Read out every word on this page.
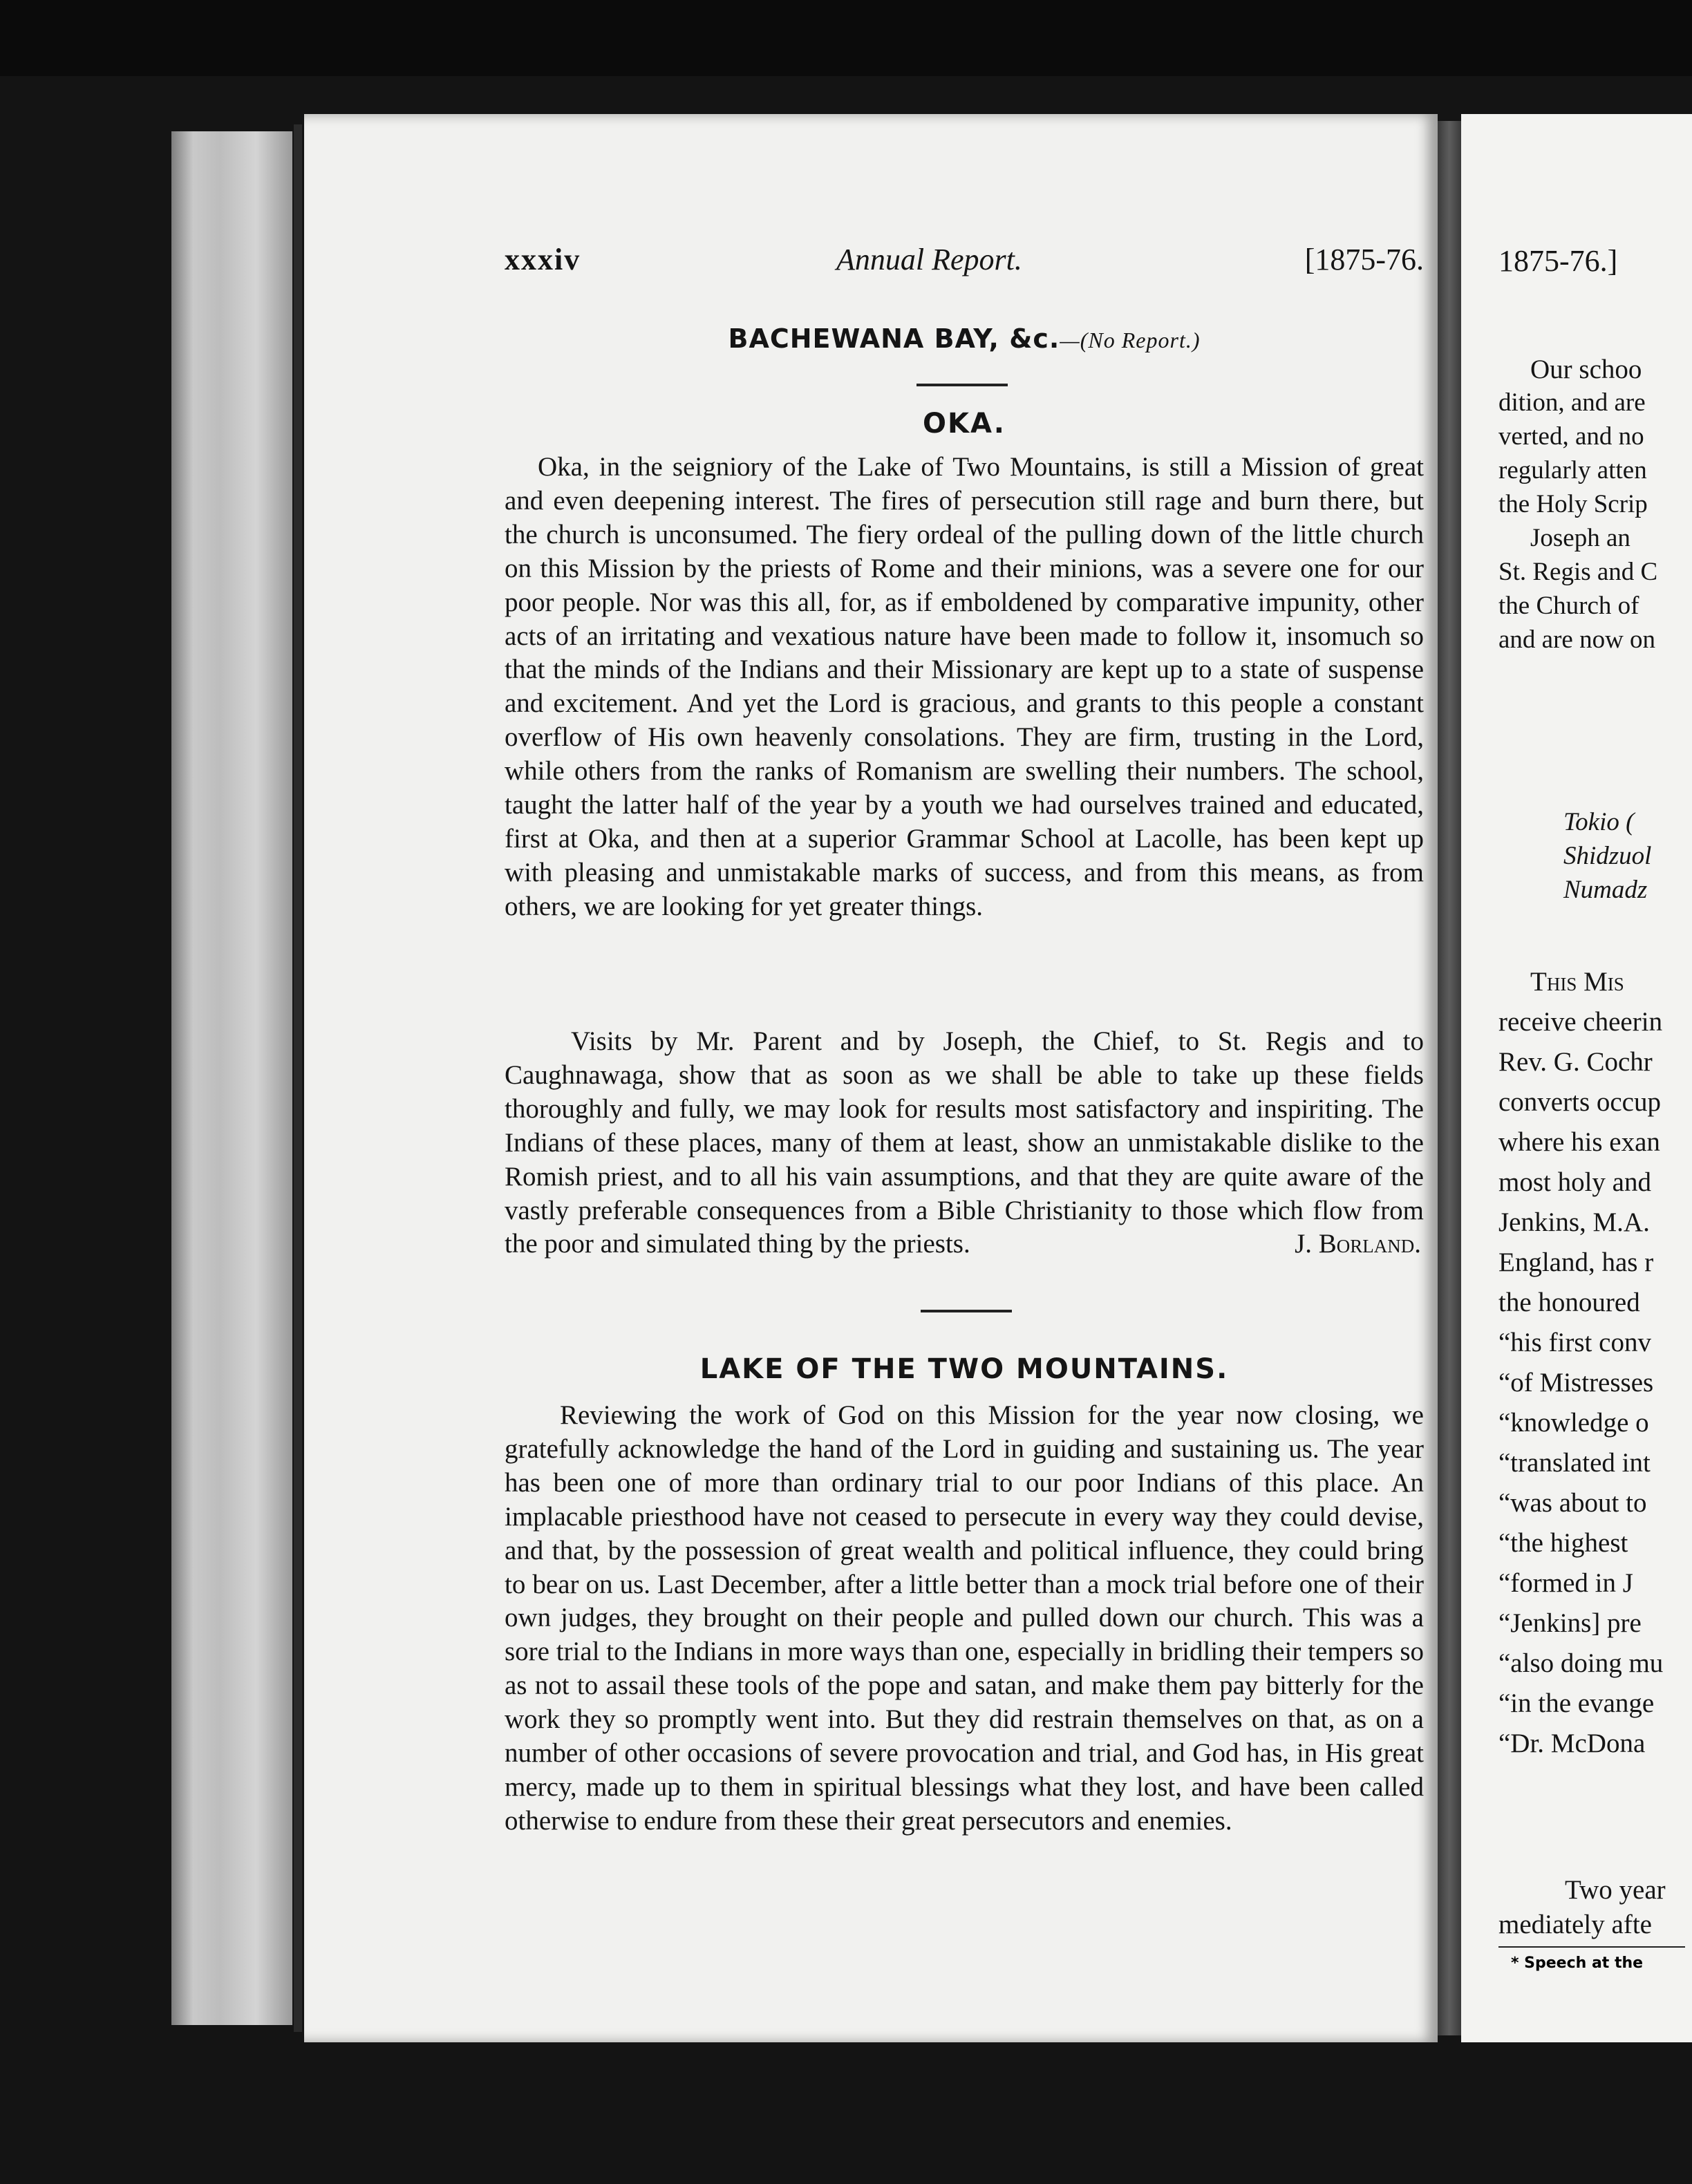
xxxiv	Annual Report.	[1875-76.
BACHEWANA BAY, &c.—(No Report.)
OKA.

Oka, in the seigniory of the Lake of Two Mountains, is still a Mission of great and even deepening interest. The fires of persecution still rage and burn there, but the church is unconsumed. The fiery ordeal of the pulling down of the little church on this Mission by the priests of Rome and their minions, was a severe one for our poor people. Nor was this all, for, as if emboldened by comparative impunity, other acts of an irritating and vexatious nature have been made to follow it, insomuch so that the minds of the Indians and their Missionary are kept up to a state of suspense and excitement. And yet the Lord is gracious, and grants to this people a constant overflow of His own heavenly consolations. They are firm, trusting in the Lord, while others from the ranks of Romanism are swelling their numbers. The school, taught the latter half of the year by a youth we had ourselves trained and educated, first at Oka, and then at a superior Grammar School at Lacolle, has been kept up with pleasing and unmistakable marks of success, and from this means, as from others, we are looking for yet greater things.

Visits by Mr. Parent and by Joseph, the Chief, to St. Regis and to Caughnawaga, show that as soon as we shall be able to take up these fields thoroughly and fully, we may look for results most satisfactory and inspiriting. The Indians of these places, many of them at least, show an unmistakable dislike to the Romish priest, and to all his vain assumptions, and that they are quite aware of the vastly preferable consequences from a Bible Christianity to those which flow from the poor and simulated thing by the priests.	J. Borland.

LAKE OF THE TWO MOUNTAINS.

Reviewing the work of God on this Mission for the year now closing, we gratefully acknowledge the hand of the Lord in guiding and sustaining us. The year has been one of more than ordinary trial to our poor Indians of this place. An implacable priesthood have not ceased to persecute in every way they could devise, and that, by the possession of great wealth and political influence, they could bring to bear on us. Last December, after a little better than a mock trial before one of their own judges, they brought on their people and pulled down our church. This was a sore trial to the Indians in more ways than one, especially in bridling their tempers so as not to assail these tools of the pope and satan, and make them pay bitterly for the work they so promptly went into. But they did restrain themselves on that, as on a number of other occasions of severe provocation and trial, and God has, in His great mercy, made up to them in spiritual blessings what they lost, and have been called otherwise to endure from these their great persecutors and enemies.

1875-76.]
Our schoo
dition, and are
verted, and no
regularly atten
the Holy Scrip
Joseph an
St. Regis and C
the Church of
and are now on
Tokio (
Shidzuol
Numadz
This Mis
receive cheerin
Rev. G. Cochr
converts occup
where his exan
most holy and
Jenkins, M.A.
England, has r
the honoured
“his first conv
“of Mistresses
“knowledge o
“translated int
“was about to
“the highest
“formed in J
“Jenkins] pre
“also doing mu
“in the evange
“Dr. McDona
Two year
mediately afte
* Speech at the
